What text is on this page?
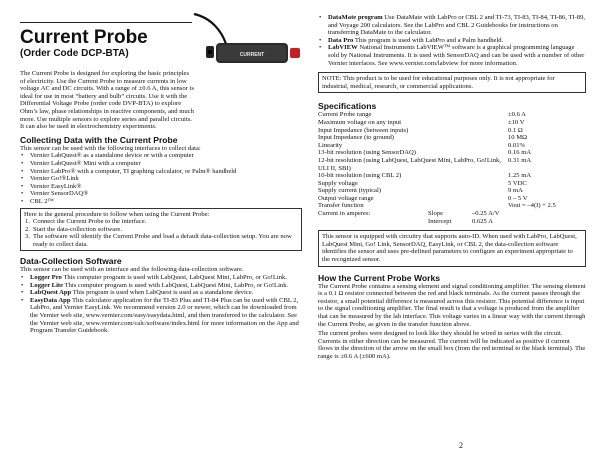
Current Probe
(Order Code DCP-BTA)	CURRENT

The Current Probe is designed for exploring the basic principles of electricity. Use the Current Probe to measure currents in low voltage AC and DC circuits. With a range of ±0.6 A, this sensor is ideal for use in most “battery and bulb” circuits. Use it with the Differential Voltage Probe (order code DVP-BTA) to explore Ohm’s law, phase relationships in reactive components, and much more. Use multiple sensors to explore series and parallel circuits. It can also be used in electrochemistry experiments.

Collecting Data with the Current Probe

This sensor can be used with the following interfaces to collect data:

• Vernier LabQuest® as a standalone device or with a computer
• Vernier LabQuest® Mini with a computer
• Vernier LabPro® with a computer, TI graphing calculator, or Palm® handheld
• Vernier Go!®Link
• Vernier EasyLink®
• Vernier SensorDAQ®
• CBL 2™
Here is the general procedure to follow when using the Current Probe:
1. Connect the Current Probe to the interface.
2. Start the data-collection software.
3. The software will identify the Current Probe and load a default data-collection setup. You are now ready to collect data.
Data-Collection Software

This sensor can be used with an interface and the following data-collection software.

• Logger Pro This computer program is used with LabQuest, LabQuest Mini, LabPro, or Go!Link.
• Logger Lite This computer program is used with LabQuest, LabQuest Mini, LabPro, or Go!Link.
• LabQuest App This program is used when LabQuest is used as a standalone device.
• EasyData App This calculator application for the TI-83 Plus and TI-84 Plus can be used with CBL 2, LabPro, and Vernier EasyLink. We recommend version 2.0 or newer, which can be downloaded from the Vernier web site, www.vernier.com/easy/easydata.html, and then transferred to the calculator. See the Vernier web site, www.vernier.com/calc/software/index.html for more information on the App and Program Transfer Guidebook.
• DataMate program Use DataMate with LabPro or CBL 2 and TI-73, TI-83, TI-84, TI-86, TI-89, and Voyage 200 calculators. See the LabPro and CBL 2 Guidebooks for instructions on transferring DataMate to the calculator.
• Data Pro This program is used with LabPro and a Palm handheld.
• LabVIEW National Instruments LabVIEW™ software is a graphical programming language sold by National Instruments. It is used with SensorDAQ and can be used with a number of other Vernier interfaces. See www.vernier.com/labview for more information.
NOTE: This product is to be used for educational purposes only. It is not appropriate for industrial, medical, research, or commercial applications.
Specifications
Current Probe range	±0.6 A
Maximum voltage on any input	±10 V
Input Impedance (between inputs)	0.1 Ω
Input Impedance (to ground)	10 MΩ
Linearity	0.01%
13-bit resolution (using SensorDAQ)	0.16 mA
12-bit resolution (using LabQuest, LabQuest Mini, LabPro, Go!Link, ULI II, SBI)	0.31 mA
10-bit resolution (using CBL 2)	1.25 mA
Supply voltage	5 VDC
Supply current (typical)	9 mA
Output voltage range	0 – 5 V
Transfer function	Vout = –4(I) + 2.5
Current in amperes:	Slope	–0.25 A/V
	Intercept	0.625 A
This sensor is equipped with circuitry that supports auto-ID. When used with LabPro, LabQuest, LabQuest Mini, Go! Link, SensorDAQ, EasyLink, or CBL 2, the data-collection software identifies the sensor and uses pre-defined parameters to configure an experiment appropriate to the recognized sensor.
How the Current Probe Works

The Current Probe contains a sensing element and signal conditioning amplifier. The sensing element is a 0.1 Ω resistor connected between the red and black terminals. As the current passes through the resistor, a small potential difference is measured across this resistor. This potential difference is input to the signal conditioning amplifier. The final result is that a voltage is produced from the amplifier that can be measured by the lab interface. This voltage varies in a linear way with the current through the Current Probe, as given in the transfer function above.

The current probes were designed to look like they should be wired in series with the circuit. Currents in either direction can be measured. The current will be indicated as positive if current flows in the direction of the arrow on the small box (from the red terminal to the black terminal). The range is ±0.6 A (±600 mA).

2
